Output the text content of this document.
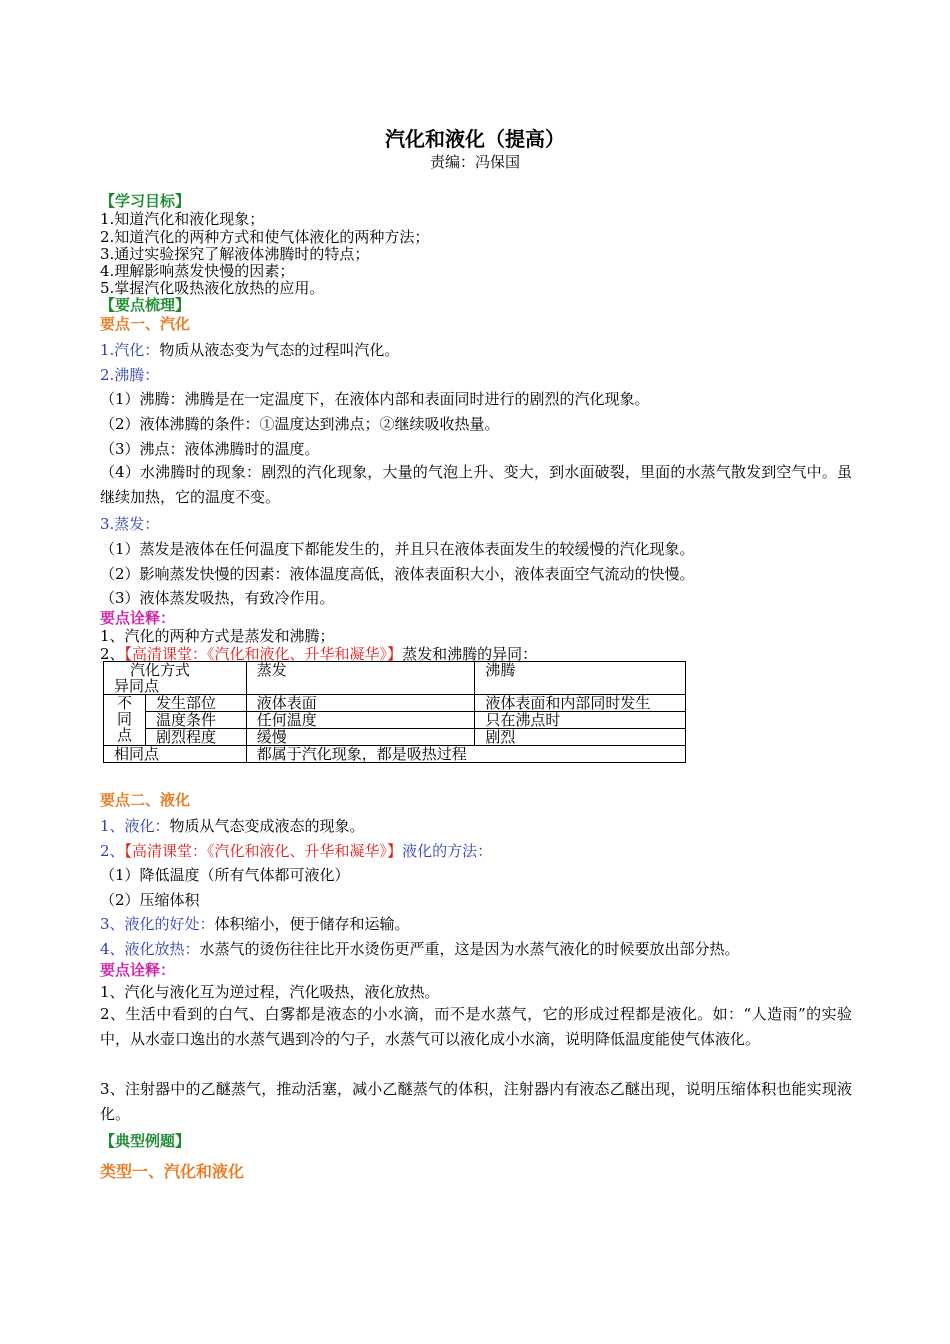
汽化和液化（提高）
责编：冯保国
【学习目标】
1.知道汽化和液化现象；
2.知道汽化的两种方式和使气体液化的两种方法；
3.通过实验探究了解液体沸腾时的特点；
4.理解影响蒸发快慢的因素；
5.掌握汽化吸热液化放热的应用。
【要点梳理】
要点一、汽化
1.汽化：物质从液态变为气态的过程叫汽化。
2.沸腾：
（1）沸腾：沸腾是在一定温度下，在液体内部和表面同时进行的剧烈的汽化现象。
（2）液体沸腾的条件：①温度达到沸点；②继续吸收热量。
（3）沸点：液体沸腾时的温度。
（4）水沸腾时的现象：剧烈的汽化现象，大量的气泡上升、变大，到水面破裂，里面的水蒸气散发到空气中。虽继续加热，它的温度不变。
3.蒸发：
（1）蒸发是液体在任何温度下都能发生的，并且只在液体表面发生的较缓慢的汽化现象。
（2）影响蒸发快慢的因素：液体温度高低，液体表面积大小，液体表面空气流动的快慢。
（3）液体蒸发吸热，有致冷作用。
要点诠释：
1、汽化的两种方式是蒸发和沸腾；
2、【高清课堂：《汽化和液化、升华和凝华》】蒸发和沸腾的异同：
汽化方式
异同点		蒸发	沸腾

不
同
点	发生部位	液体表面	液体表面和内部同时发生
	温度条件	任何温度	只在沸点时
	剧烈程度	缓慢	剧烈
相同点		都属于汽化现象，都是吸热过程	
要点二、液化
1、液化：物质从气态变成液态的现象。
2、【高清课堂：《汽化和液化、升华和凝华》】液化的方法：
（1）降低温度（所有气体都可液化）
（2）压缩体积
3、液化的好处：体积缩小，便于储存和运输。
4、液化放热：水蒸气的烫伤往往比开水烫伤更严重，这是因为水蒸气液化的时候要放出部分热。
要点诠释：
1、汽化与液化互为逆过程，汽化吸热，液化放热。
2、生活中看到的白气、白雾都是液态的小水滴，而不是水蒸气，它的形成过程都是液化。如：“人造雨”的实验中，从水壶口逸出的水蒸气遇到冷的勺子，水蒸气可以液化成小水滴，说明降低温度能使气体液化。
3、注射器中的乙醚蒸气，推动活塞，减小乙醚蒸气的体积，注射器内有液态乙醚出现，说明压缩体积也能实现液化。
【典型例题】
类型一、汽化和液化
